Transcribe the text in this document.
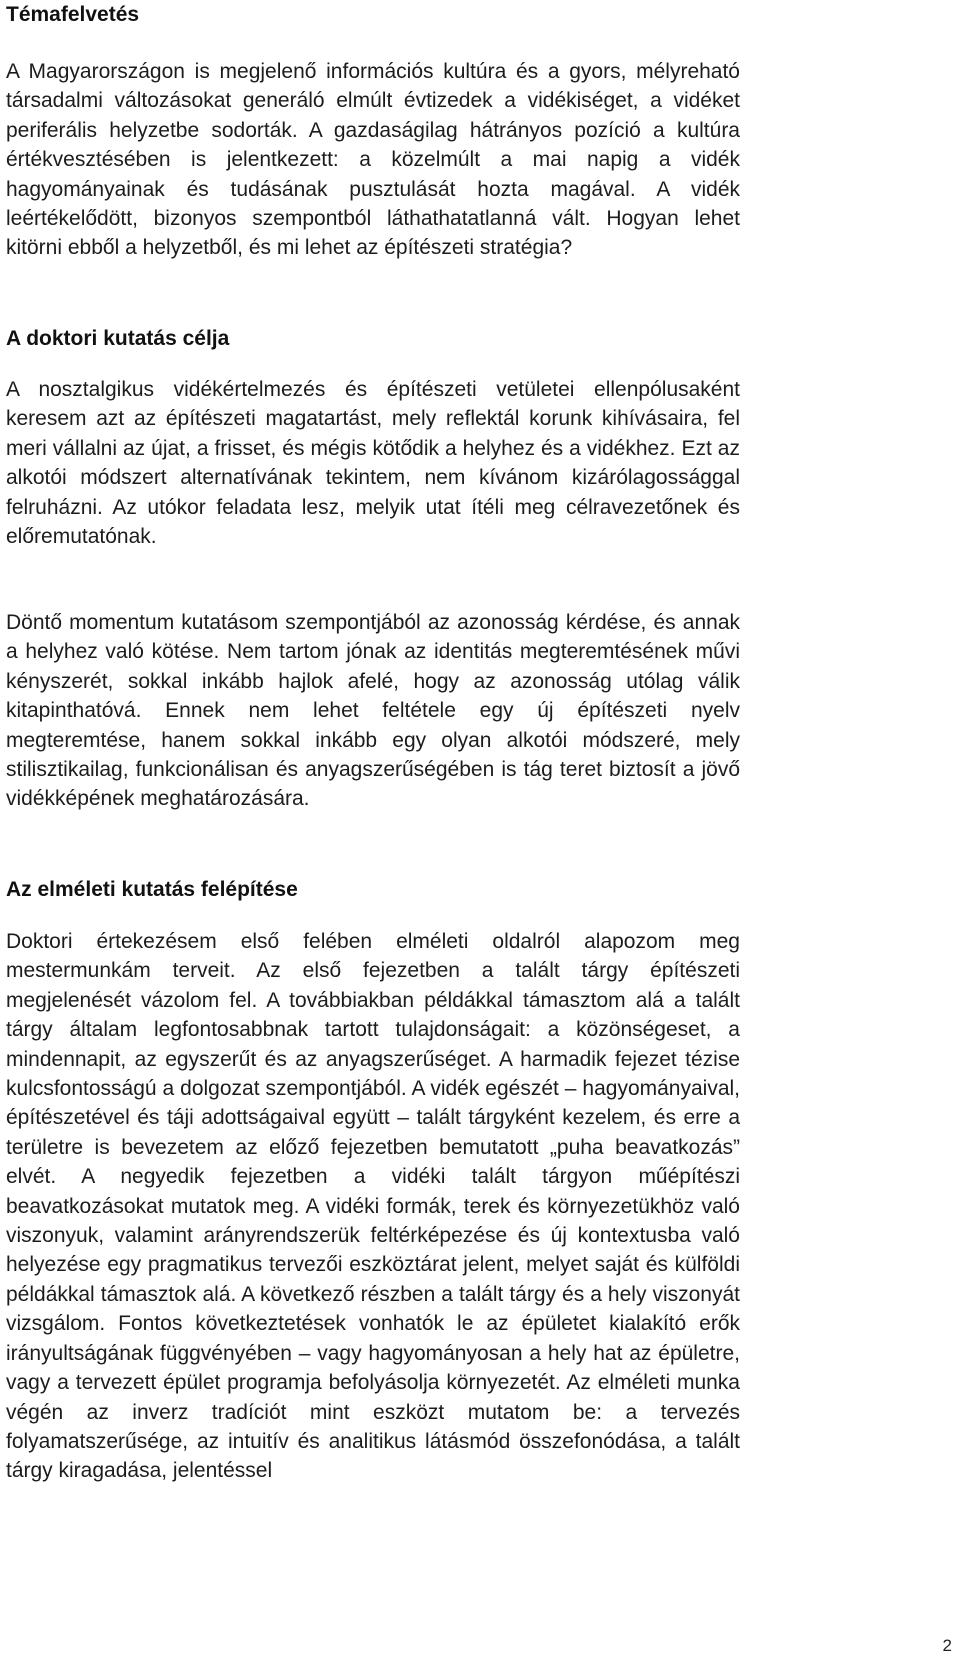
Témafelvetés

A Magyarországon is megjelenő információs kultúra és a gyors, mélyreható társadalmi változásokat generáló elmúlt évtizedek a vidékiséget, a vidéket periferális helyzetbe sodorták. A gazdaságilag hátrányos pozíció a kultúra értékvesztésében is jelentkezett: a közelmúlt a mai napig a vidék hagyományainak és tudásának pusztulását hozta magával. A vidék leértékelődött, bizonyos szempontból láthathatatlanná vált. Hogyan lehet kitörni ebből a helyzetből, és mi lehet az építészeti stratégia?

A doktori kutatás célja

A nosztalgikus vidékértelmezés és építészeti vetületei ellenpólusaként keresem azt az építészeti magatartást, mely reflektál korunk kihívásaira, fel meri vállalni az újat, a frisset, és mégis kötődik a helyhez és a vidékhez. Ezt az alkotói módszert alternatívának tekintem, nem kívánom kizárólagossággal felruházni. Az utókor feladata lesz, melyik utat ítéli meg célravezetőnek és előremutatónak.

Döntő momentum kutatásom szempontjából az azonosság kérdése, és annak a helyhez való kötése. Nem tartom jónak az identitás megteremtésének művi kényszerét, sokkal inkább hajlok afelé, hogy az azonosság utólag válik kitapinthatóvá. Ennek nem lehet feltétele egy új építészeti nyelv megteremtése, hanem sokkal inkább egy olyan alkotói módszeré, mely stilisztikailag, funkcionálisan és anyagszerűségében is tág teret biztosít a jövő vidékképének meghatározására.

Az elméleti kutatás felépítése

Doktori értekezésem első felében elméleti oldalról alapozom meg mestermunkám terveit. Az első fejezetben a talált tárgy építészeti megjelenését vázolom fel. A továbbiakban példákkal támasztom alá a talált tárgy általam legfontosabbnak tartott tulajdonságait: a közönségeset, a mindennapit, az egyszerűt és az anyagszerűséget. A harmadik fejezet tézise kulcsfontosságú a dolgozat szempontjából. A vidék egészét – hagyományaival, építészetével és táji adottságaival együtt – talált tárgyként kezelem, és erre a területre is bevezetem az előző fejezetben bemutatott „puha beavatkozás” elvét. A negyedik fejezetben a vidéki talált tárgyon műépítészi beavatkozásokat mutatok meg. A vidéki formák, terek és környezetükhöz való viszonyuk, valamint arányrendszerük feltérképezése és új kontextusba való helyezése egy pragmatikus tervezői eszköztárat jelent, melyet saját és külföldi példákkal támasztok alá. A következő részben a talált tárgy és a hely viszonyát vizsgálom. Fontos következtetések vonhatók le az épületet kialakító erők irányultságának függvényében – vagy hagyományosan a hely hat az épületre, vagy a tervezett épület programja befolyásolja környezetét. Az elméleti munka végén az inverz tradíciót mint eszközt mutatom be: a tervezés folyamatszerűsége, az intuitív és analitikus látásmód összefonódása, a talált tárgy kiragadása, jelentéssel

2
